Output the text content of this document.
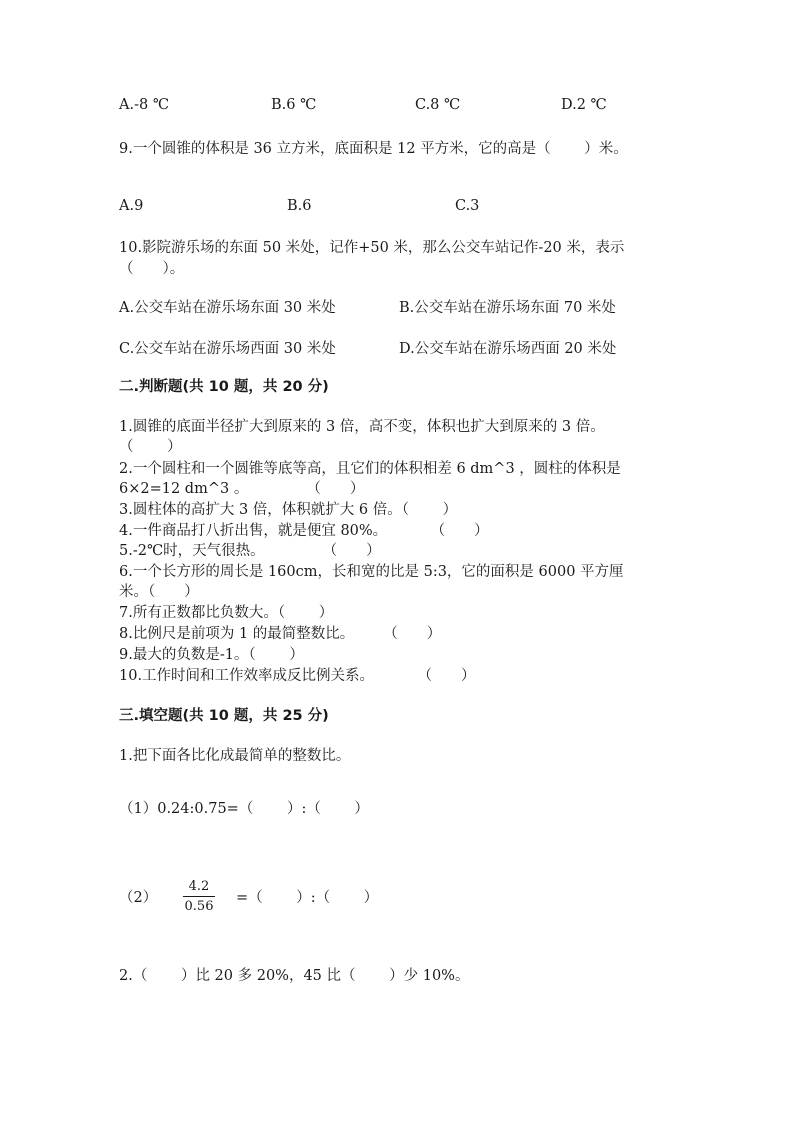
A.-8 ℃	B.6 ℃	C.8 ℃	D.2 ℃
9.一个圆锥的体积是 36 立方米，底面积是 12 平方米，它的高是（　　 ）米。
A.9	B.6	C.3
10.影院游乐场的东面 50 米处，记作+50 米，那么公交车站记作-20 米，表示
（　　）。
A.公交车站在游乐场东面 30 米处	B.公交车站在游乐场东面 70 米处
C.公交车站在游乐场西面 30 米处	D.公交车站在游乐场西面 20 米处
二.判断题(共 10 题，共 20 分)
1.圆锥的底面半径扩大到原来的 3 倍，高不变，体积也扩大到原来的 3 倍。
（　　 ）
2.一个圆柱和一个圆锥等底等高，且它们的体积相差 6 dm^3 ，圆柱的体积是
6×2=12 dm^3 。　　　　　（　　）
3.圆柱体的高扩大 3 倍，体积就扩大 6 倍。（　　 ）
4.一件商品打八折出售，就是便宜 80%。　　　　（　　）
5.-2℃时，天气很热。　　　　　（　　）
6.一个长方形的周长是 160cm，长和宽的比是 5:3，它的面积是 6000 平方厘
米。（　　）
7.所有正数都比负数大。（　　 ）
8.比例尺是前项为 1 的最简整数比。　　　（　　）
9.最大的负数是-1。（　　 ）
10.工作时间和工作效率成反比例关系。　　　　（　　）
三.填空题(共 10 题，共 25 分)
1.把下面各比化成最简单的整数比。
（1）0.24:0.75=（　　 ）:（　　 ）
（2）
4.2
0.56
=（　　 ）:（　　 ）
2.（　　 ）比 20 多 20%，45 比（　　 ）少 10%。
